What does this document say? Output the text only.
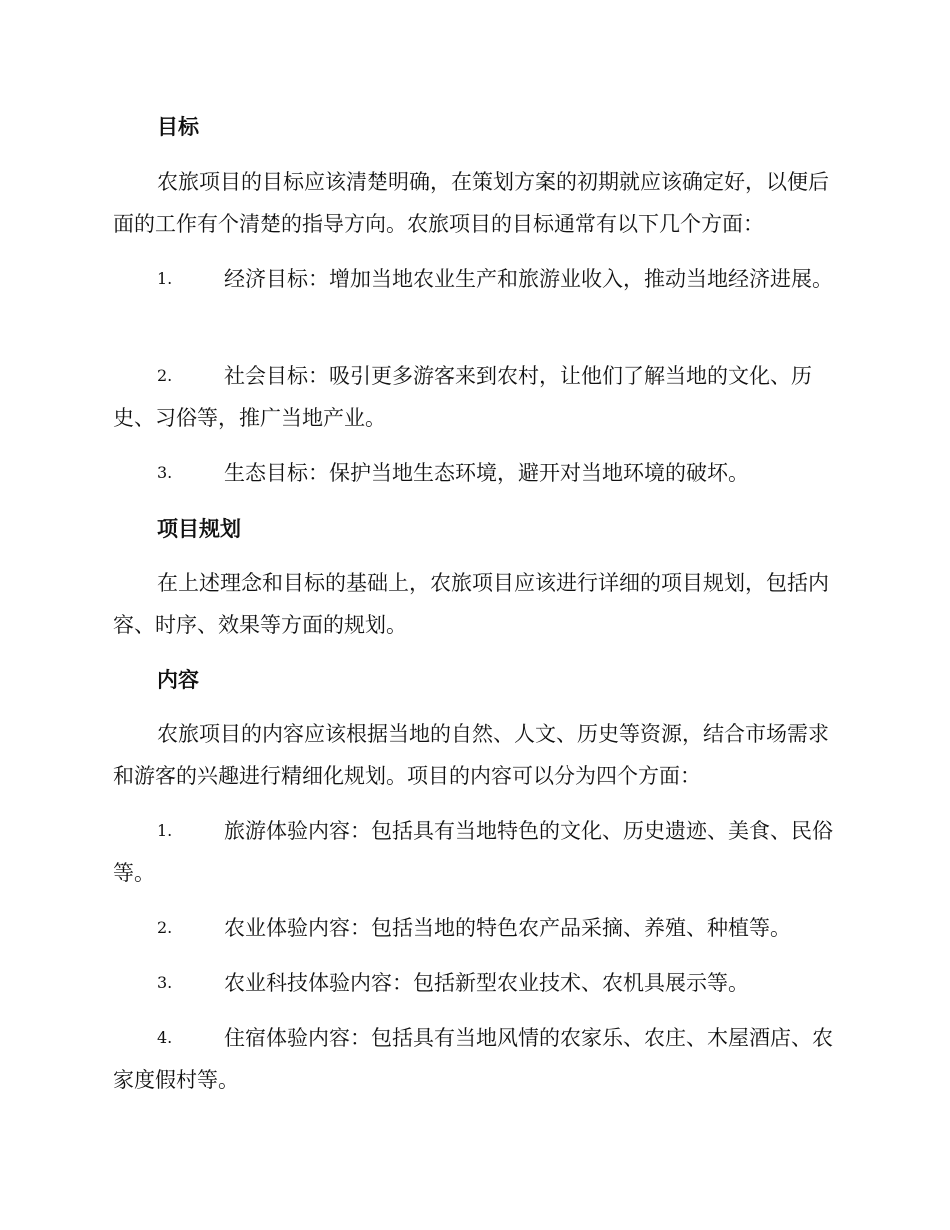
目标

农旅项目的目标应该清楚明确，在策划方案的初期就应该确定好，以便后面的工作有个清楚的指导方向。农旅项目的目标通常有以下几个方面：

1.	经济目标：增加当地农业生产和旅游业收入，推动当地经济进展。
2.	社会目标：吸引更多游客来到农村，让他们了解当地的文化、历史、习俗等，推广当地产业。
3.	生态目标：保护当地生态环境，避开对当地环境的破坏。
项目规划

在上述理念和目标的基础上，农旅项目应该进行详细的项目规划，包括内容、时序、效果等方面的规划。

内容

农旅项目的内容应该根据当地的自然、人文、历史等资源，结合市场需求和游客的兴趣进行精细化规划。项目的内容可以分为四个方面：

1.	旅游体验内容：包括具有当地特色的文化、历史遗迹、美食、民俗等。
2.	农业体验内容：包括当地的特色农产品采摘、养殖、种植等。
3.	农业科技体验内容：包括新型农业技术、农机具展示等。
4.	住宿体验内容：包括具有当地风情的农家乐、农庄、木屋酒店、农家度假村等。
